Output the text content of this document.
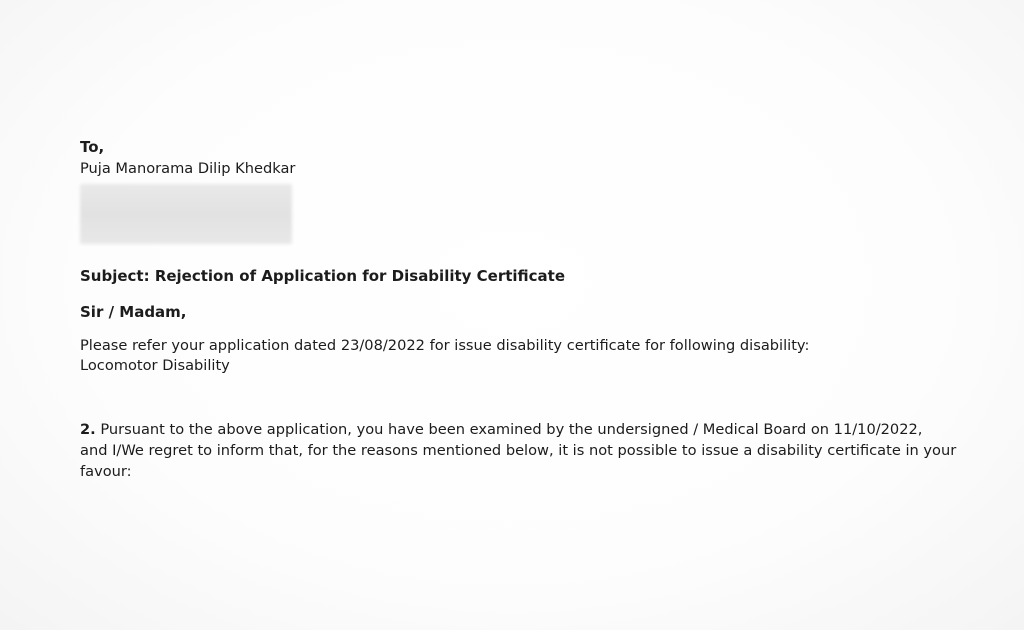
To,
Puja Manorama Dilip Khedkar
Subject: Rejection of Application for Disability Certificate
Sir / Madam,
Please refer your application dated 23/08/2022 for issue disability certificate for following disability:
Locomotor Disability
2. Pursuant to the above application, you have been examined by the undersigned / Medical Board on 11/10/2022,
and I/We regret to inform that, for the reasons mentioned below, it is not possible to issue a disability certificate in your
favour:
